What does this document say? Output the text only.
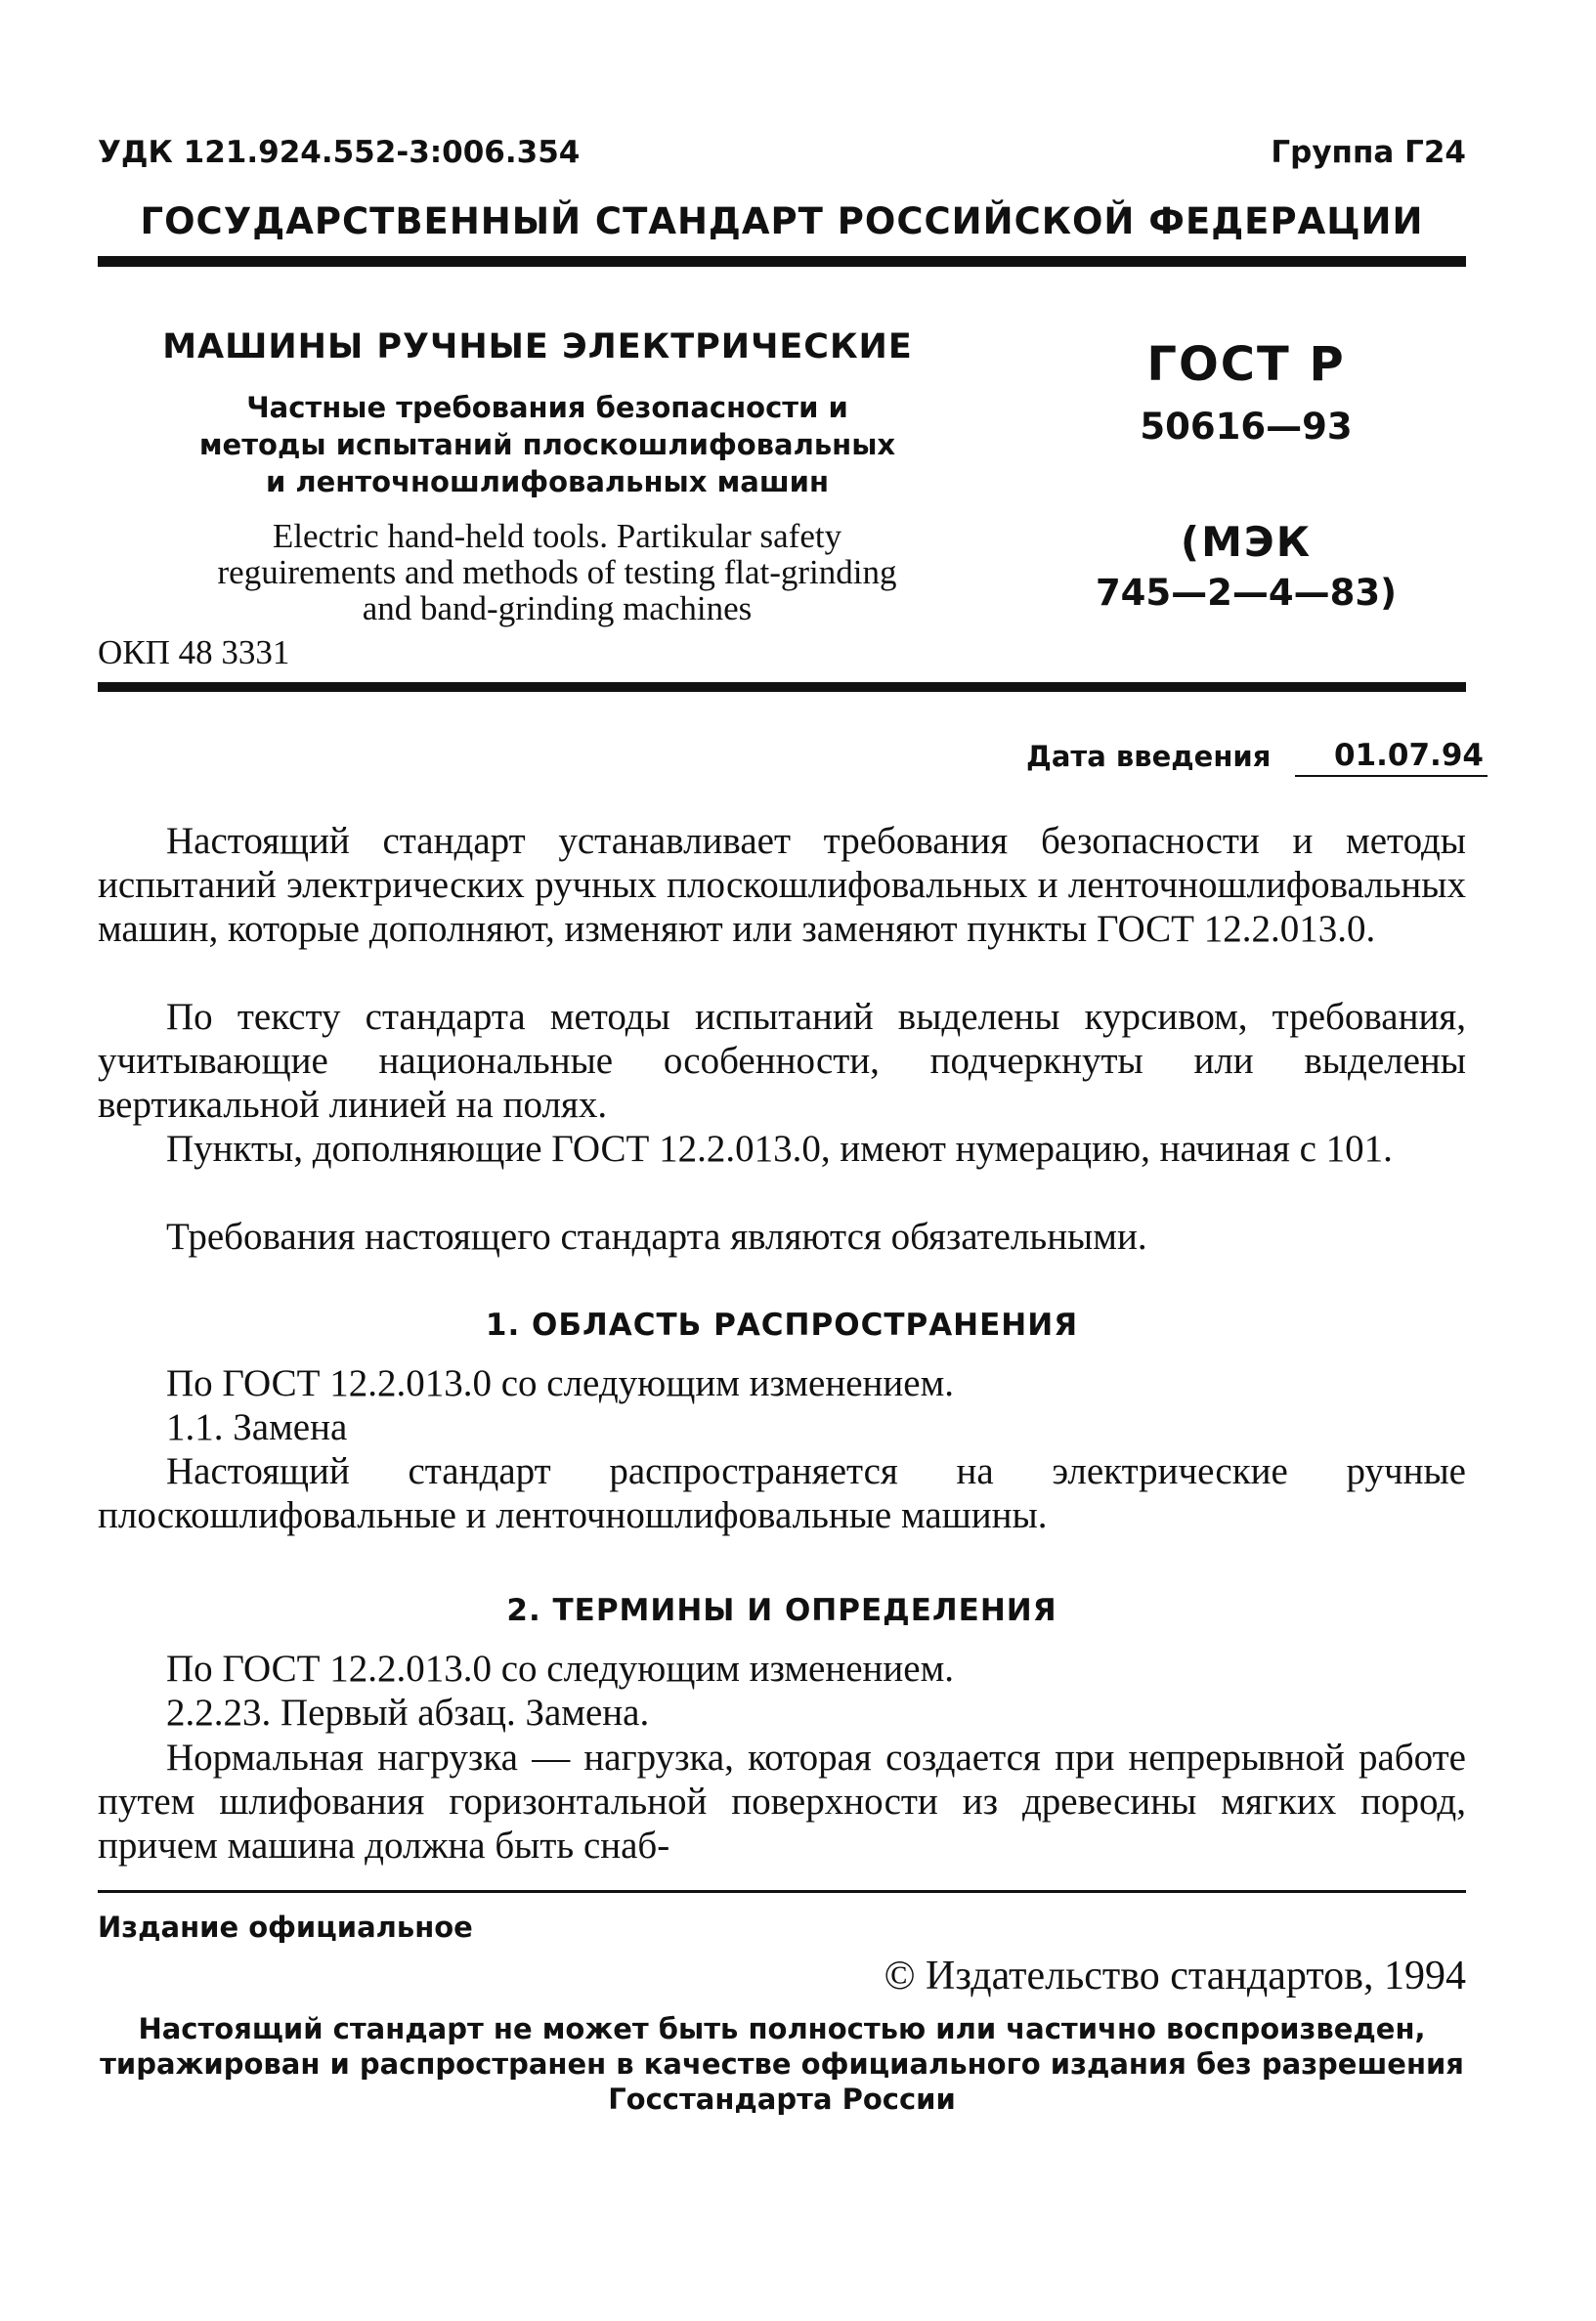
УДК 121.924.552-3:006.354	Группа Г24
ГОСУДАРСТВЕННЫЙ СТАНДАРТ РОССИЙСКОЙ ФЕДЕРАЦИИ
МАШИНЫ РУЧНЫЕ ЭЛЕКТРИЧЕСКИЕ
Частные требования безопасности и методы испытаний плоскошлифовальных и ленточношлифовальных машин
Electric hand-held tools. Partikular safety reguirements and methods of testing flat-grinding and band-grinding machines
ОКП 48 3331
ГОСТ Р
50616—93
(МЭК
745—2—4—83)
Дата введения	01.07.94
Настоящий стандарт устанавливает требования безопасности и методы испытаний электрических ручных плоскошлифовальных и ленточношлифовальных машин, которые дополняют, изменяют или заменяют пункты ГОСТ 12.2.013.0.
По тексту стандарта методы испытаний выделены курсивом, требования, учитывающие национальные особенности, подчеркнуты или выделены вертикальной линией на полях.
Пункты, дополняющие ГОСТ 12.2.013.0, имеют нумерацию, начиная с 101.
Требования настоящего стандарта являются обязательными.
1. ОБЛАСТЬ РАСПРОСТРАНЕНИЯ
По ГОСТ 12.2.013.0 со следующим изменением.
1.1. Замена
Настоящий стандарт распространяется на электрические ручные плоскошлифовальные и ленточношлифовальные машины.
2. ТЕРМИНЫ И ОПРЕДЕЛЕНИЯ
По ГОСТ 12.2.013.0 со следующим изменением.
2.2.23. Первый абзац. Замена.
Нормальная нагрузка — нагрузка, которая создается при непрерывной работе путем шлифования горизонтальной поверхности из древесины мягких пород, причем машина должна быть снаб-
Издание официальное
© Издательство стандартов, 1994
Настоящий стандарт не может быть полностью или частично воспроизведен, тиражирован и распространен в качестве официального издания без разрешения Госстандарта России
